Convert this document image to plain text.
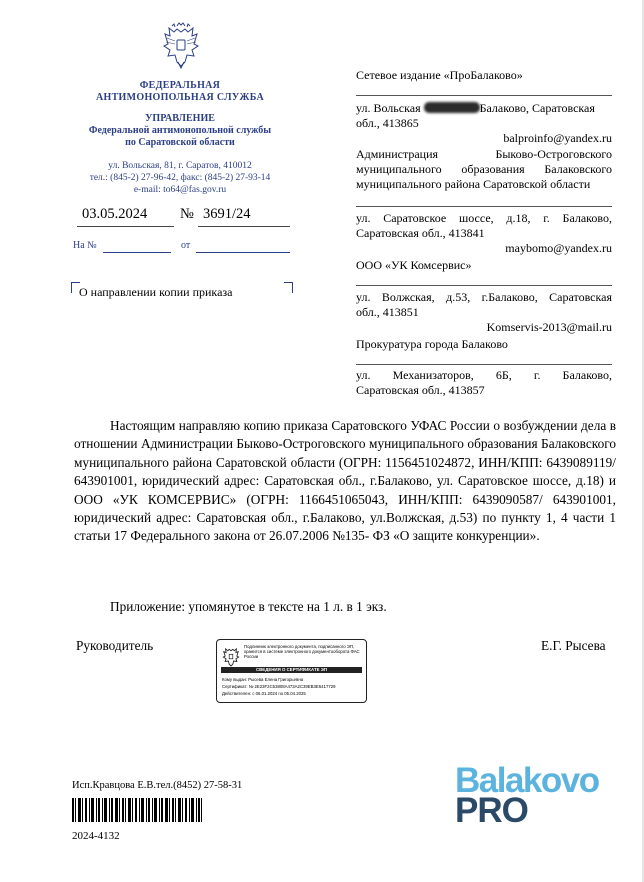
ФЕДЕРАЛЬНАЯ
АНТИМОНОПОЛЬНАЯ СЛУЖБА
УПРАВЛЕНИЕ
Федеральной антимонопольной службы
по Саратовской области
ул. Вольская, 81, г. Саратов, 410012
тел.: (845-2) 27-96-42, факс: (845-2) 27-93-14
e-mail: to64@fas.gov.ru
03.05.2024 № 3691/24
На №	от
О направлении копии приказа
Сетевое издание «ПроБалаково»
ул. Вольская	Балаково, Саратовская
обл., 413865
balproinfo@yandex.ru
Администрация Быково-Остроговского
муниципального образования Балаковского
муниципального района Саратовской области
ул. Саратовское шоссе, д.18, г. Балаково,
Саратовская обл., 413841
maybomo@yandex.ru
ООО «УК Комсервис»
ул. Волжская, д.53, г.Балаково, Саратовская
обл., 413851
Komservis-2013@mail.ru
Прокуратура города Балаково
ул. Механизаторов, 6Б, г. Балаково,
Саратовская обл., 413857
Настоящим направляю копию приказа Саратовского УФАС России о возбуждении дела в отношении Администрации Быково-Остроговского муниципального образования Балаковского муниципального района Саратовской области (ОГРН: 1156451024872, ИНН/КПП: 6439089119/ 643901001, юридический адрес: Саратовская обл., г.Балаково, ул. Саратовское шоссе, д.18) и ООО «УК КОМСЕРВИС» (ОГРН: 1166451065043, ИНН/КПП: 6439090587/ 643901001, юридический адрес: Саратовская обл., г.Балаково, ул.Волжская, д.53) по пункту 1, 4 части 1 статьи 17 Федерального закона от 26.07.2006 №135- ФЗ «О защите конкуренции».
Приложение: упомянутое в тексте на 1 л. в 1 экз.
Руководитель	Е.Г. Рысева
Подлинник электронного документа, подписанного ЭП, хранится в системе электронного документооборота ФАС России
СВЕДЕНИЯ О СЕРТИФИКАТЕ ЭП
Кому выдан: Рысева Елена Григорьевна
Сертификат: № 2E23F2C53808A473A2C39EB3E6417729
Действителен: с 06.01.2024 по 05.04.2025
Исп.Кравцова Е.В.тел.(8452) 27-58-31
2024-4132
Balakovo
PRO
